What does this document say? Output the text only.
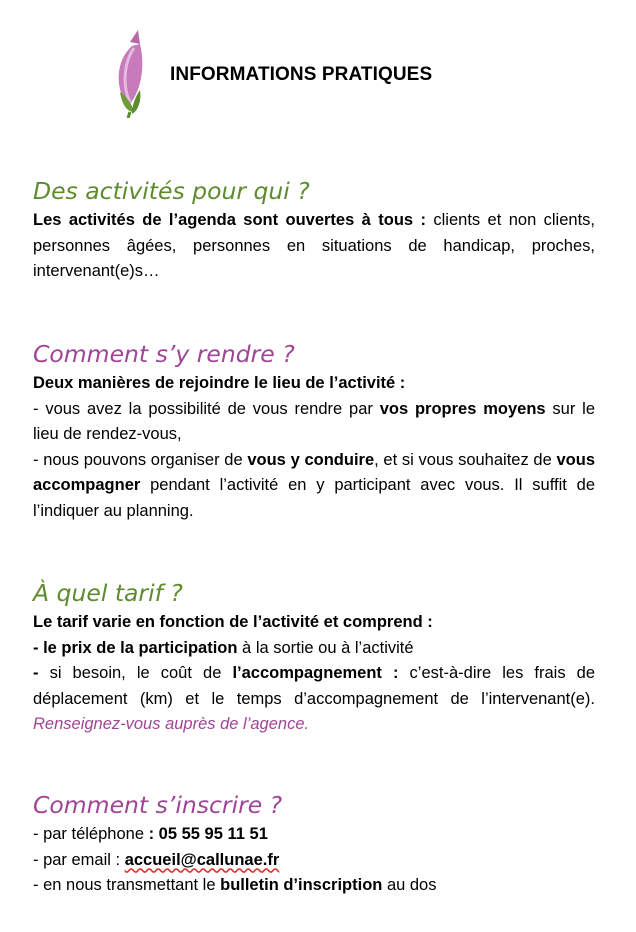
INFORMATIONS PRATIQUES
Des activités pour qui ?

Les activités de l’agenda sont ouvertes à tous : clients et non clients, personnes âgées, personnes en situations de handicap, proches, intervenant(e)s…

Comment s’y rendre ?

Deux manières de rejoindre le lieu de l’activité :

- vous avez la possibilité de vous rendre par vos propres moyens sur le lieu de rendez-vous,

- nous pouvons organiser de vous y conduire, et si vous souhaitez de vous accompagner pendant l’activité en y participant avec vous. Il suffit de l’indiquer au planning.

À quel tarif ?

Le tarif varie en fonction de l’activité et comprend :

- le prix de la participation à la sortie ou à l’activité

- si besoin, le coût de l’accompagnement : c’est-à-dire les frais de déplacement (km) et le temps d’accompagnement de l’intervenant(e). Renseignez-vous auprès de l’agence.

Comment s’inscrire ?

- par téléphone : 05 55 95 11 51

- par email : accueil@callunae.fr

- en nous transmettant le bulletin d’inscription au dos
